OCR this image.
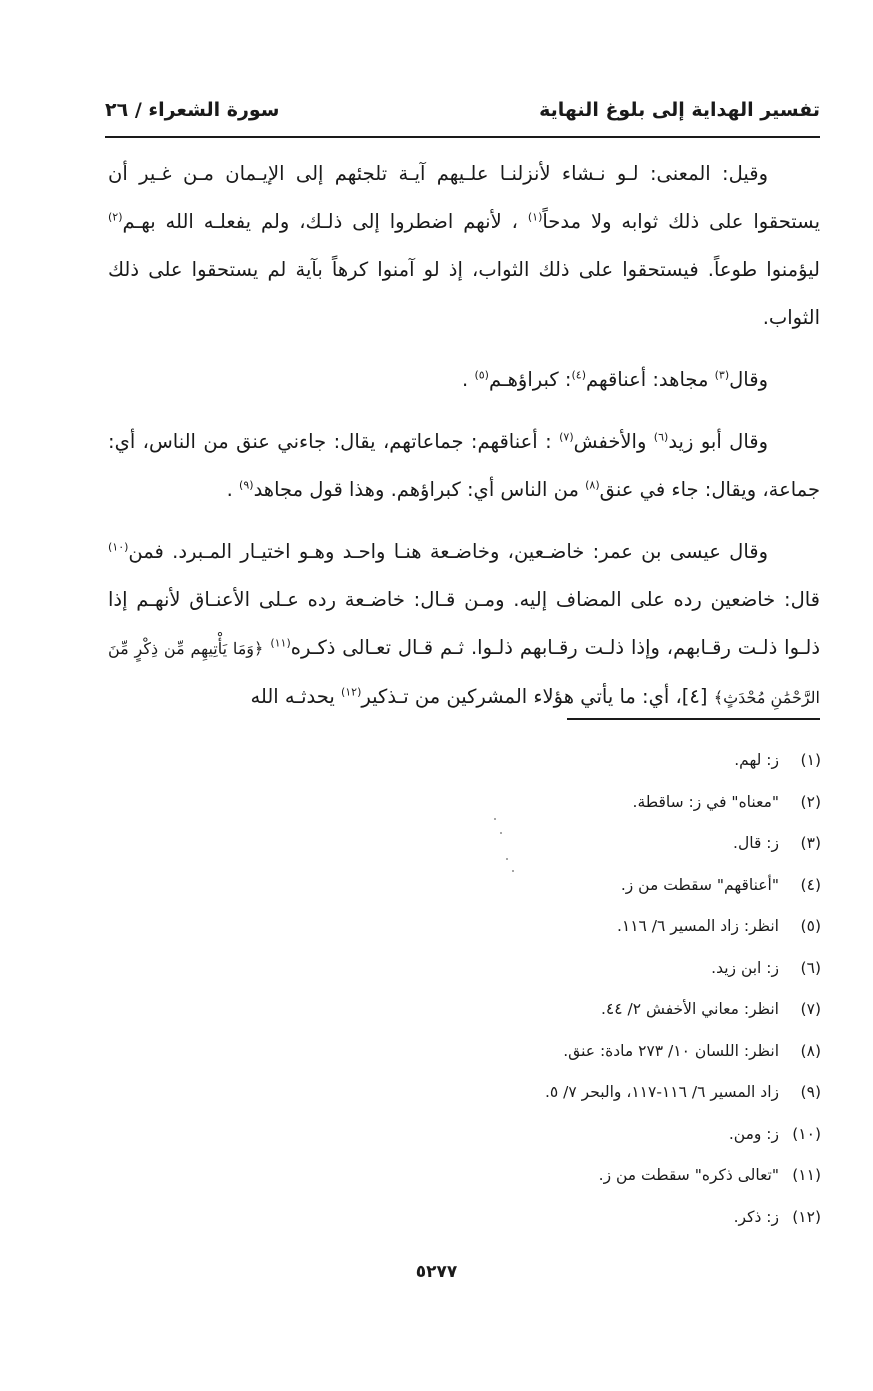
تفسير الهداية إلى بلوغ النهاية
سورة الشعراء / ٢٦

وقيل: المعنى: لـو نـشاء لأنزلنـا علـيهم آيـة تلجئهم إلى الإيـمان مـن غـير أن يستحقوا على ذلك ثوابه ولا مدحاً$^{(١)}$ ، لأنهم اضطروا إلى ذلـك، ولم يفعلـه الله بهـم$^{(٢)}$ ليؤمنوا طوعاً. فيستحقوا على ذلك الثواب، إذ لو آمنوا كرهاً بآية لم يستحقوا على ذلك الثواب.

وقال$^{(٣)}$ مجاهد: أعناقهم$^{(٤)}$: كبراؤهـم$^{(٥)}$ .

وقال أبو زيد$^{(٦)}$ والأخفش$^{(٧)}$ : أعناقهم: جماعاتهم، يقال: جاءني عنق من الناس، أي: جماعة، ويقال: جاء في عنق$^{(٨)}$ من الناس أي: كبراؤهم. وهذا قول مجاهد$^{(٩)}$ .

وقال عيسى بن عمر: خاضـعين، وخاضـعة هنـا واحـد وهـو اختيـار المـبرد. فمن$^{(١٠)}$ قال: خاضعين رده على المضاف إليه. ومـن قـال: خاضـعة رده عـلى الأعنـاق لأنهـم إذا ذلـوا ذلـت رقـابهم، وإذا ذلـت رقـابهم ذلـوا. ثـم قـال تعـالى ذكـره$^{(١١)}$ ﴿وَمَا يَأْتِيهِم مِّن ذِكْرٍ مِّنَ الرَّحْمَٰنِ مُحْدَثٍ﴾ [٤]، أي: ما يأتي هؤلاء المشركين من تـذكير$^{(١٢)}$ يحدثـه الله

(١)
ز: لهم.
(٢)
"معناه" في ز: ساقطة.
(٣)
ز: قال.
(٤)
"أعناقهم" سقطت من ز.
(٥)
انظر: زاد المسير ٦/ ١١٦.
(٦)
ز: ابن زيد.
(٧)
انظر: معاني الأخفش ٢/ ٤٤.
(٨)
انظر: اللسان ١٠/ ٢٧٣ مادة: عنق.
(٩)
زاد المسير ٦/ ١١٦-١١٧، والبحر ٧/ ٥.
(١٠)
ز: ومن.
(١١)
"تعالى ذكره" سقطت من ز.
(١٢)
ز: ذكر.
٥٢٧٧
